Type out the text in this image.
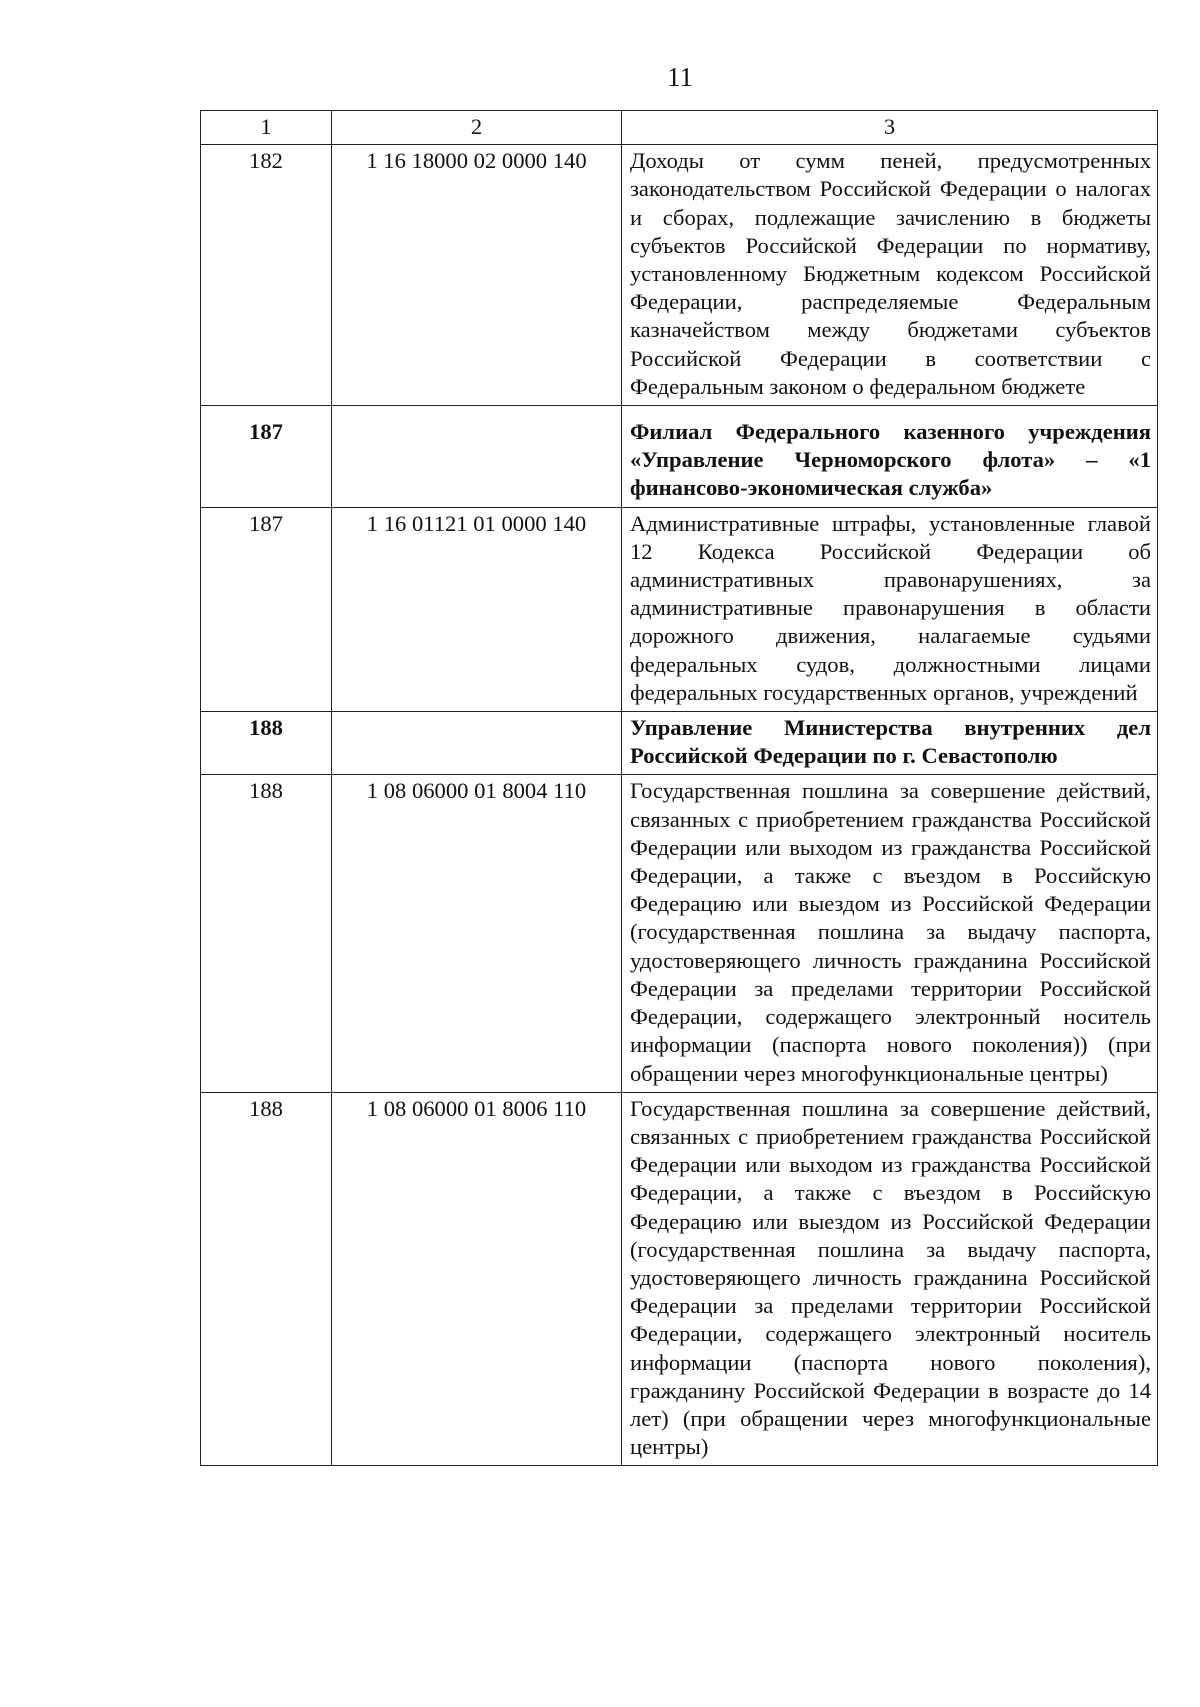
11
1	2	3
182	1 16 18000 02 0000 140	Доходы от сумм пеней, предусмотренных законодательством Российской Федерации о налогах и сборах, подлежащие зачислению в бюджеты субъектов Российской Федерации по нормативу, установленному Бюджетным кодексом Российской Федерации, распределяемые Федеральным казначейством между бюджетами субъектов Российской Федерации в соответствии с Федеральным законом о федеральном бюджете
187		Филиал Федерального казенного учреждения «Управление Черноморского флота» – «1 финансово-экономическая служба»
187	1 16 01121 01 0000 140	Административные штрафы, установленные главой 12 Кодекса Российской Федерации об административных правонарушениях, за административные правонарушения в области дорожного движения, налагаемые судьями федеральных судов, должностными лицами федеральных государственных органов, учреждений
188		Управление Министерства внутренних дел Российской Федерации по г. Севастополю
188	1 08 06000 01 8004 110	Государственная пошлина за совершение действий, связанных с приобретением гражданства Российской Федерации или выходом из гражданства Российской Федерации, а также с въездом в Российскую Федерацию или выездом из Российской Федерации (государственная пошлина за выдачу паспорта, удостоверяющего личность гражданина Российской Федерации за пределами территории Российской Федерации, содержащего электронный носитель информации (паспорта нового поколения)) (при обращении через многофункциональные центры)
188	1 08 06000 01 8006 110	Государственная пошлина за совершение действий, связанных с приобретением гражданства Российской Федерации или выходом из гражданства Российской Федерации, а также с въездом в Российскую Федерацию или выездом из Российской Федерации (государственная пошлина за выдачу паспорта, удостоверяющего личность гражданина Российской Федерации за пределами территории Российской Федерации, содержащего электронный носитель информации (паспорта нового поколения), гражданину Российской Федерации в возрасте до 14 лет) (при обращении через многофункциональные центры)
